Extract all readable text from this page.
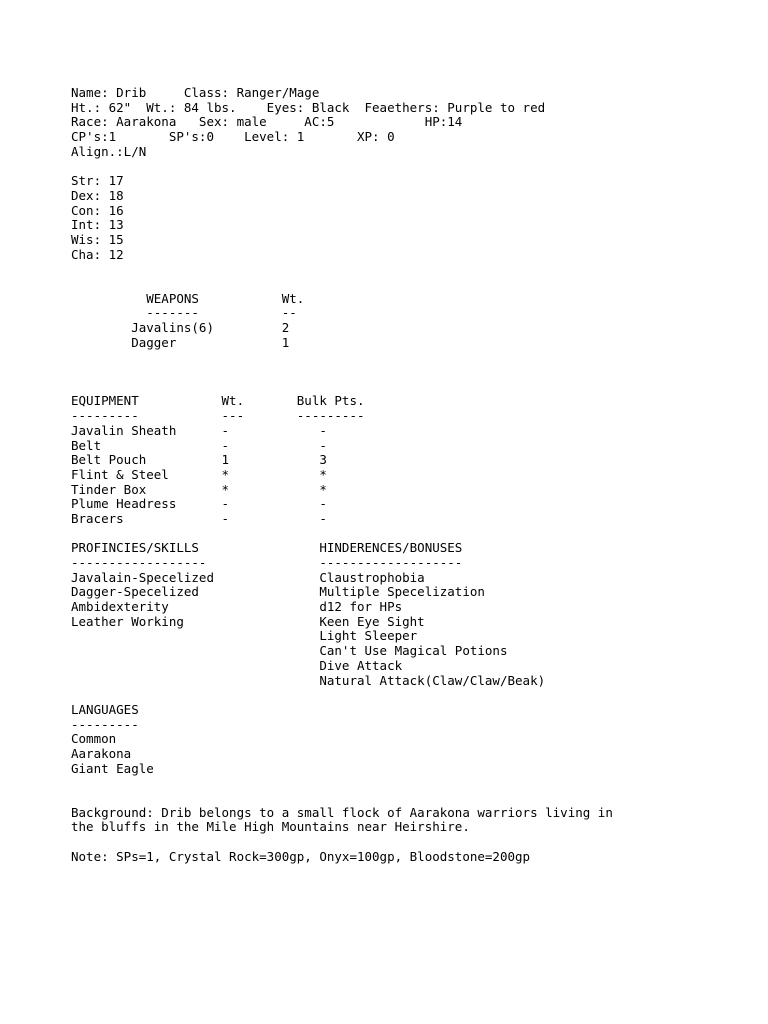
Name: Drib     Class: Ranger/Mage
Ht.: 62"  Wt.: 84 lbs.    Eyes: Black  Feaethers: Purple to red
Race: Aarakona   Sex: male     AC:5            HP:14
CP's:1       SP's:0    Level: 1       XP: 0
Align.:L/N
Str: 17
Dex: 18
Con: 16
Int: 13
Wis: 15
Cha: 12
WEAPONS           Wt.
-------           --
Javalins(6)         2
Dagger              1
EQUIPMENT           Wt.       Bulk Pts.
---------           ---       ---------
Javalin Sheath      -            -
Belt                -            -
Belt Pouch          1            3
Flint & Steel       *            *
Tinder Box          *            *
Plume Headress      -            -
Bracers             -            -
PROFINCIES/SKILLS                HINDERENCES/BONUSES
------------------               -------------------
Javalain-Specelized              Claustrophobia
Dagger-Specelized                Multiple Specelization
Ambidexterity                    d12 for HPs
Leather Working                  Keen Eye Sight
Light Sleeper
Can't Use Magical Potions
Dive Attack
Natural Attack(Claw/Claw/Beak)
LANGUAGES
---------
Common
Aarakona
Giant Eagle
Background: Drib belongs to a small flock of Aarakona warriors living in
the bluffs in the Mile High Mountains near Heirshire.
Note: SPs=1, Crystal Rock=300gp, Onyx=100gp, Bloodstone=200gp
